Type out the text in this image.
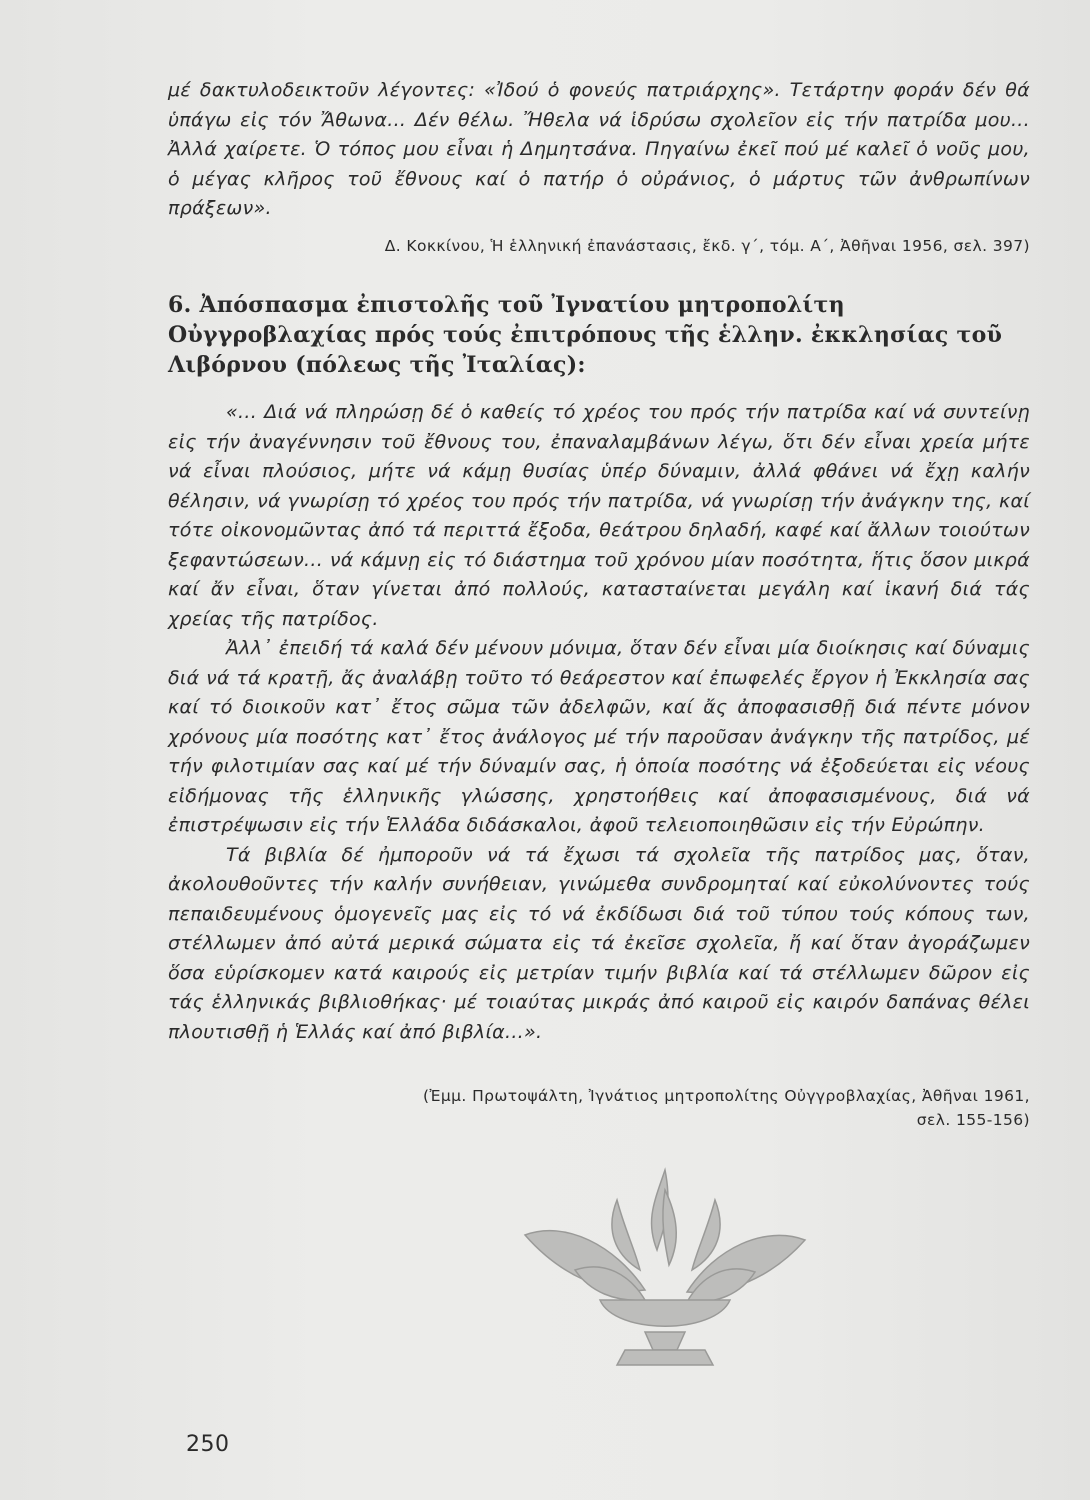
μέ δακτυλοδεικτοῦν λέγοντες: «Ἰδού ὁ φονεύς πατριάρχης». Τετάρτην φοράν δέν θά ὑπάγω εἰς τόν Ἄθωνα... Δέν θέλω. Ἤθελα νά ἱδρύσω σχολεῖον εἰς τήν πατρίδα μου... Ἀλλά χαίρετε. Ὁ τόπος μου εἶναι ἡ Δημητσάνα. Πηγαίνω ἐκεῖ πού μέ καλεῖ ὁ νοῦς μου, ὁ μέγας κλῆρος τοῦ ἔθνους καί ὁ πατήρ ὁ οὐράνιος, ὁ μάρτυς τῶν ἀνθρωπίνων πράξεων».

Δ. Κοκκίνου, Ἡ ἑλληνική ἐπανάστασις, ἔκδ. γ΄, τόμ. Α΄, Ἀθῆναι 1956, σελ. 397)

6. Ἀπόσπασμα ἐπιστολῆς τοῦ Ἰγνατίου μητροπολίτη Οὐγγροβλαχίας πρός τούς ἐπιτρόπους τῆς ἑλλην. ἐκκλησίας τοῦ Λιβόρνου (πόλεως τῆς Ἰταλίας):

«... Διά νά πληρώσῃ δέ ὁ καθείς τό χρέος του πρός τήν πατρίδα καί νά συντείνῃ εἰς τήν ἀναγέννησιν τοῦ ἔθνους του, ἐπαναλαμβάνων λέγω, ὅτι δέν εἶναι χρεία μήτε νά εἶναι πλούσιος, μήτε νά κάμῃ θυσίας ὑπέρ δύναμιν, ἀλλά φθάνει νά ἔχῃ καλήν θέλησιν, νά γνωρίσῃ τό χρέος του πρός τήν πατρίδα, νά γνωρίσῃ τήν ἀνάγκην της, καί τότε οἰκονομῶντας ἀπό τά περιττά ἔξοδα, θεάτρου δηλαδή, καφέ καί ἄλλων τοιούτων ξεφαντώσεων... νά κάμνῃ εἰς τό διάστημα τοῦ χρόνου μίαν ποσότητα, ἥτις ὅσον μικρά καί ἄν εἶναι, ὅταν γίνεται ἀπό πολλούς, κατασταίνεται μεγάλη καί ἱκανή διά τάς χρείας τῆς πατρίδος.

Ἀλλ᾽ ἐπειδή τά καλά δέν μένουν μόνιμα, ὅταν δέν εἶναι μία διοίκησις καί δύναμις διά νά τά κρατῇ, ἄς ἀναλάβῃ τοῦτο τό θεάρεστον καί ἐπωφελές ἔργον ἡ Ἐκκλησία σας καί τό διοικοῦν κατ᾽ ἔτος σῶμα τῶν ἀδελφῶν, καί ἄς ἀποφασισθῇ διά πέντε μόνον χρόνους μία ποσότης κατ᾽ ἔτος ἀνάλογος μέ τήν παροῦσαν ἀνάγκην τῆς πατρίδος, μέ τήν φιλοτιμίαν σας καί μέ τήν δύναμίν σας, ἡ ὁποία ποσότης νά ἐξοδεύεται εἰς νέους εἰδήμονας τῆς ἑλληνικῆς γλώσσης, χρηστοήθεις καί ἀποφασισμένους, διά νά ἐπιστρέψωσιν εἰς τήν Ἑλλάδα διδάσκαλοι, ἀφοῦ τελειοποιηθῶσιν εἰς τήν Εὐρώπην.

Τά βιβλία δέ ἠμποροῦν νά τά ἔχωσι τά σχολεῖα τῆς πατρίδος μας, ὅταν, ἀκολουθοῦντες τήν καλήν συνήθειαν, γινώμεθα συνδρομηταί καί εὐκολύνοντες τούς πεπαιδευμένους ὁμογενεῖς μας εἰς τό νά ἐκδίδωσι διά τοῦ τύπου τούς κόπους των, στέλλωμεν ἀπό αὐτά μερικά σώματα εἰς τά ἐκεῖσε σχολεῖα, ἤ καί ὅταν ἀγοράζωμεν ὅσα εὑρίσκομεν κατά καιρούς εἰς μετρίαν τιμήν βιβλία καί τά στέλλωμεν δῶρον εἰς τάς ἑλληνικάς βιβλιοθήκας· μέ τοιαύτας μικράς ἀπό καιροῦ εἰς καιρόν δαπάνας θέλει πλουτισθῇ ἡ Ἑλλάς καί ἀπό βιβλία...».

(Ἐμμ. Πρωτοψάλτη, Ἰγνάτιος μητροπολίτης Οὐγγροβλαχίας, Ἀθῆναι 1961,

σελ. 155-156)

250
